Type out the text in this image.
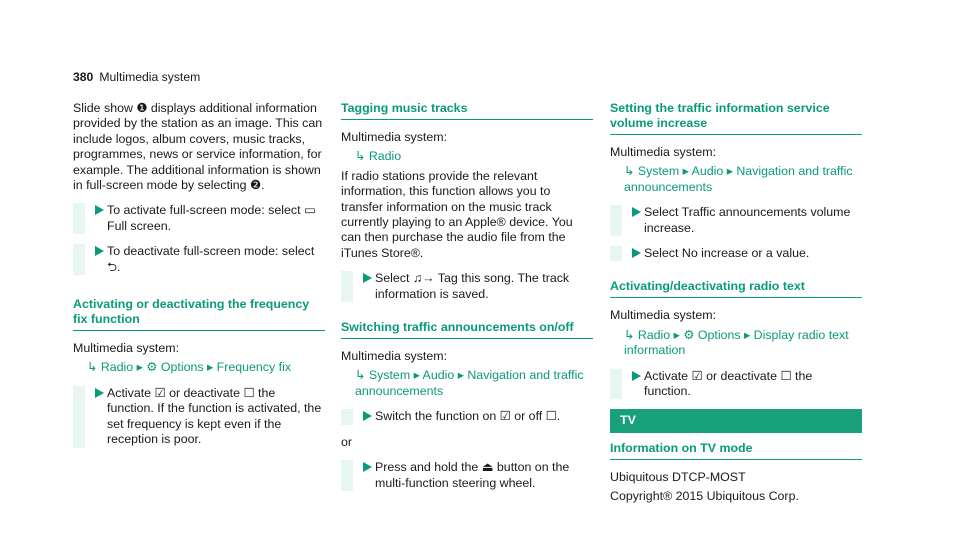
380 Multimedia system

Slide show ❶ displays additional information provided by the station as an image. This can include logos, album covers, music tracks, programmes, news or service information, for example. The additional information is shown in full-screen mode by selecting ❷.

To activate full-screen mode: select ▭ Full screen.
To deactivate full-screen mode: select ⮌.
Activating or deactivating the frequency fix function

Multimedia system:

↳ Radio ▸ ⚙ Options ▸ Frequency fix

Activate ☑ or deactivate ☐ the function. If the function is activated, the set frequency is kept even if the reception is poor.
Tagging music tracks

Multimedia system:

↳ Radio

If radio stations provide the relevant information, this function allows you to transfer information on the music track currently playing to an Apple® device. You can then purchase the audio file from the iTunes Store®.

Select ♫→ Tag this song. The track information is saved.
Switching traffic announcements on/off

Multimedia system:

↳ System ▸ Audio ▸ Navigation and traffic announcements

Switch the function on ☑ or off ☐.

or

Press and hold the ⏏ button on the multi-function steering wheel.
Setting the traffic information service volume increase

Multimedia system:

↳ System ▸ Audio ▸ Navigation and traffic announcements

Select Traffic announcements volume increase.
Select No increase or a value.
Activating/deactivating radio text

Multimedia system:

↳ Radio ▸ ⚙ Options ▸ Display radio text information

Activate ☑ or deactivate ☐ the function.
TV
Information on TV mode

Ubiquitous DTCP-MOST

Copyright® 2015 Ubiquitous Corp.
